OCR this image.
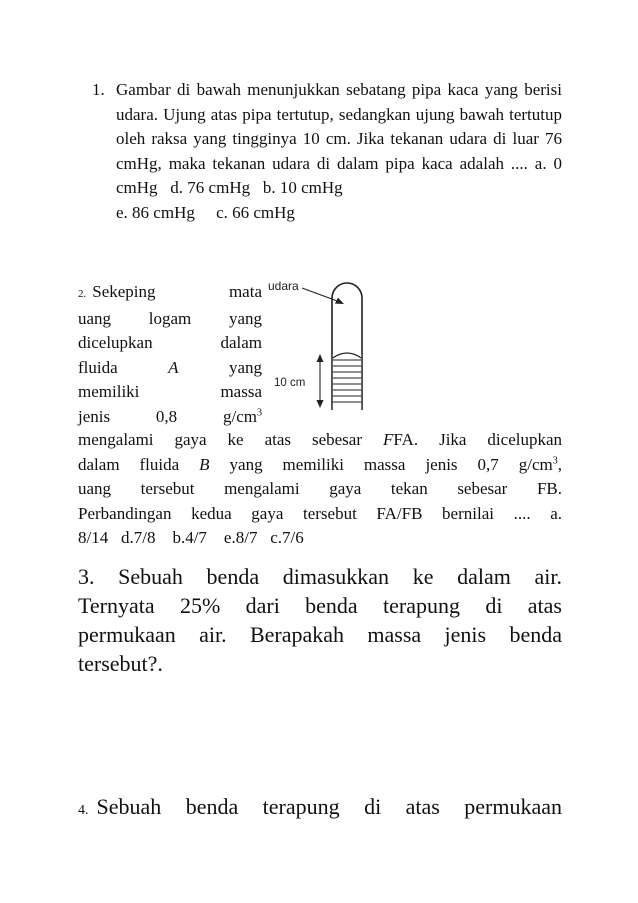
1. Gambar di bawah menunjukkan sebatang pipa kaca yang berisi udara. Ujung atas pipa tertutup, sedangkan ujung bawah tertutup oleh raksa yang tingginya 10 cm. Jika tekanan udara di luar 76 cmHg, maka tekanan udara di dalam pipa kaca adalah .... a. 0 cmHg d. 76 cmHg b. 10 cmHg
e. 86 cmHg c. 66 cmHg
2. Sekeping	mata
uang logam yang
dicelupkan	dalam
fluida	A	yang
memiliki	massa
jenis	0,8	$g/cm^3$
udara
10 cm
mengalami gaya ke atas sebesar FFA. Jika dicelupkan
dalam fluida B yang memiliki massa jenis 0,7 $g/cm^3$,
uang tersebut mengalami gaya tekan sebesar FB.
Perbandingan kedua gaya tersebut FA/FB bernilai .... a.
8/14   d.7/8    b.4/7    e.8/7   c.7/6
3. Sebuah benda dimasukkan ke dalam air.
Ternyata 25% dari benda terapung di atas
permukaan air. Berapakah massa jenis benda
tersebut?.
4. Sebuah benda terapung di atas permukaan
